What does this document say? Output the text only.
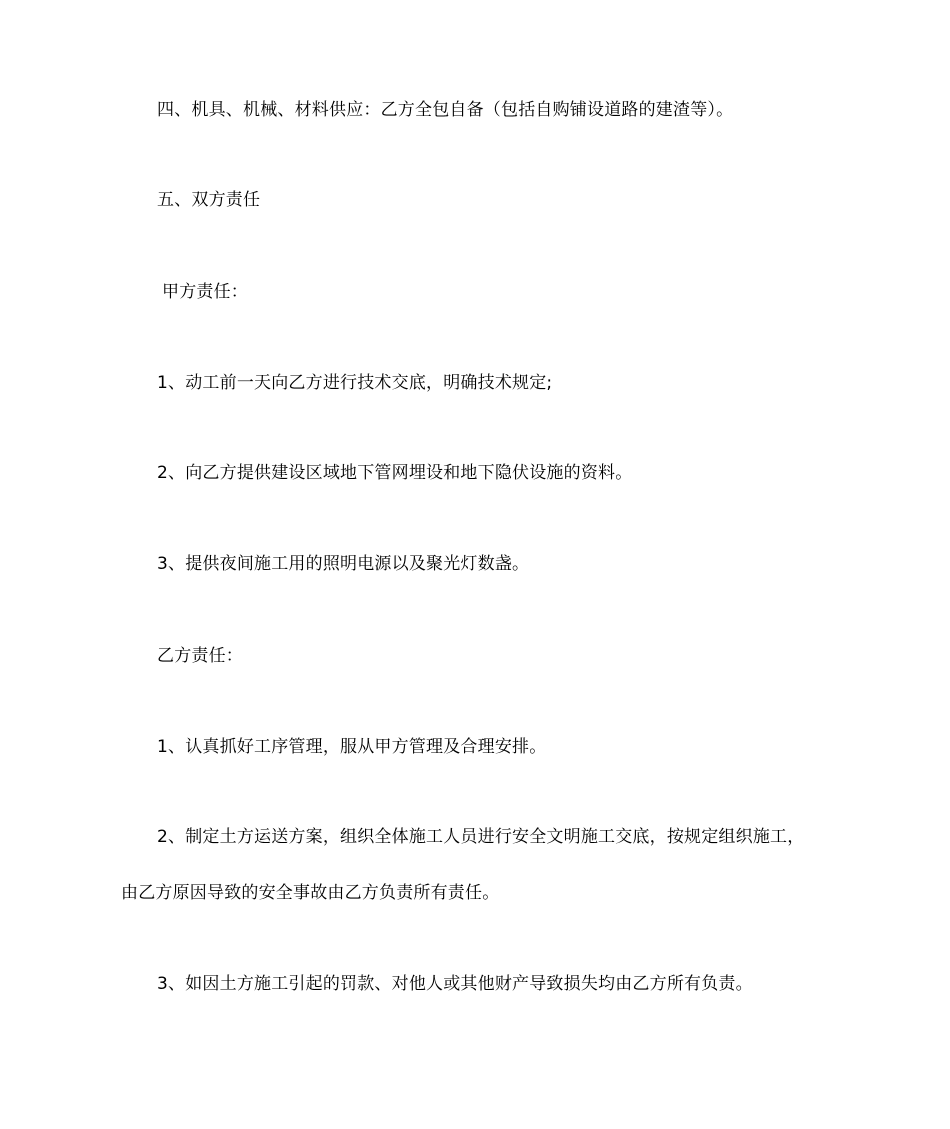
四、机具、机械、材料供应：乙方全包自备（包括自购铺设道路的建渣等）。
五、双方责任
甲方责任：
1、动工前一天向乙方进行技术交底，明确技术规定;
2、向乙方提供建设区域地下管网埋设和地下隐伏设施的资料。
3、提供夜间施工用的照明电源以及聚光灯数盏。
乙方责任：
1、认真抓好工序管理，服从甲方管理及合理安排。
2、制定土方运送方案，组织全体施工人员进行安全文明施工交底，按规定组织施工，
由乙方原因导致的安全事故由乙方负责所有责任。
3、如因土方施工引起的罚款、对他人或其他财产导致损失均由乙方所有负责。
